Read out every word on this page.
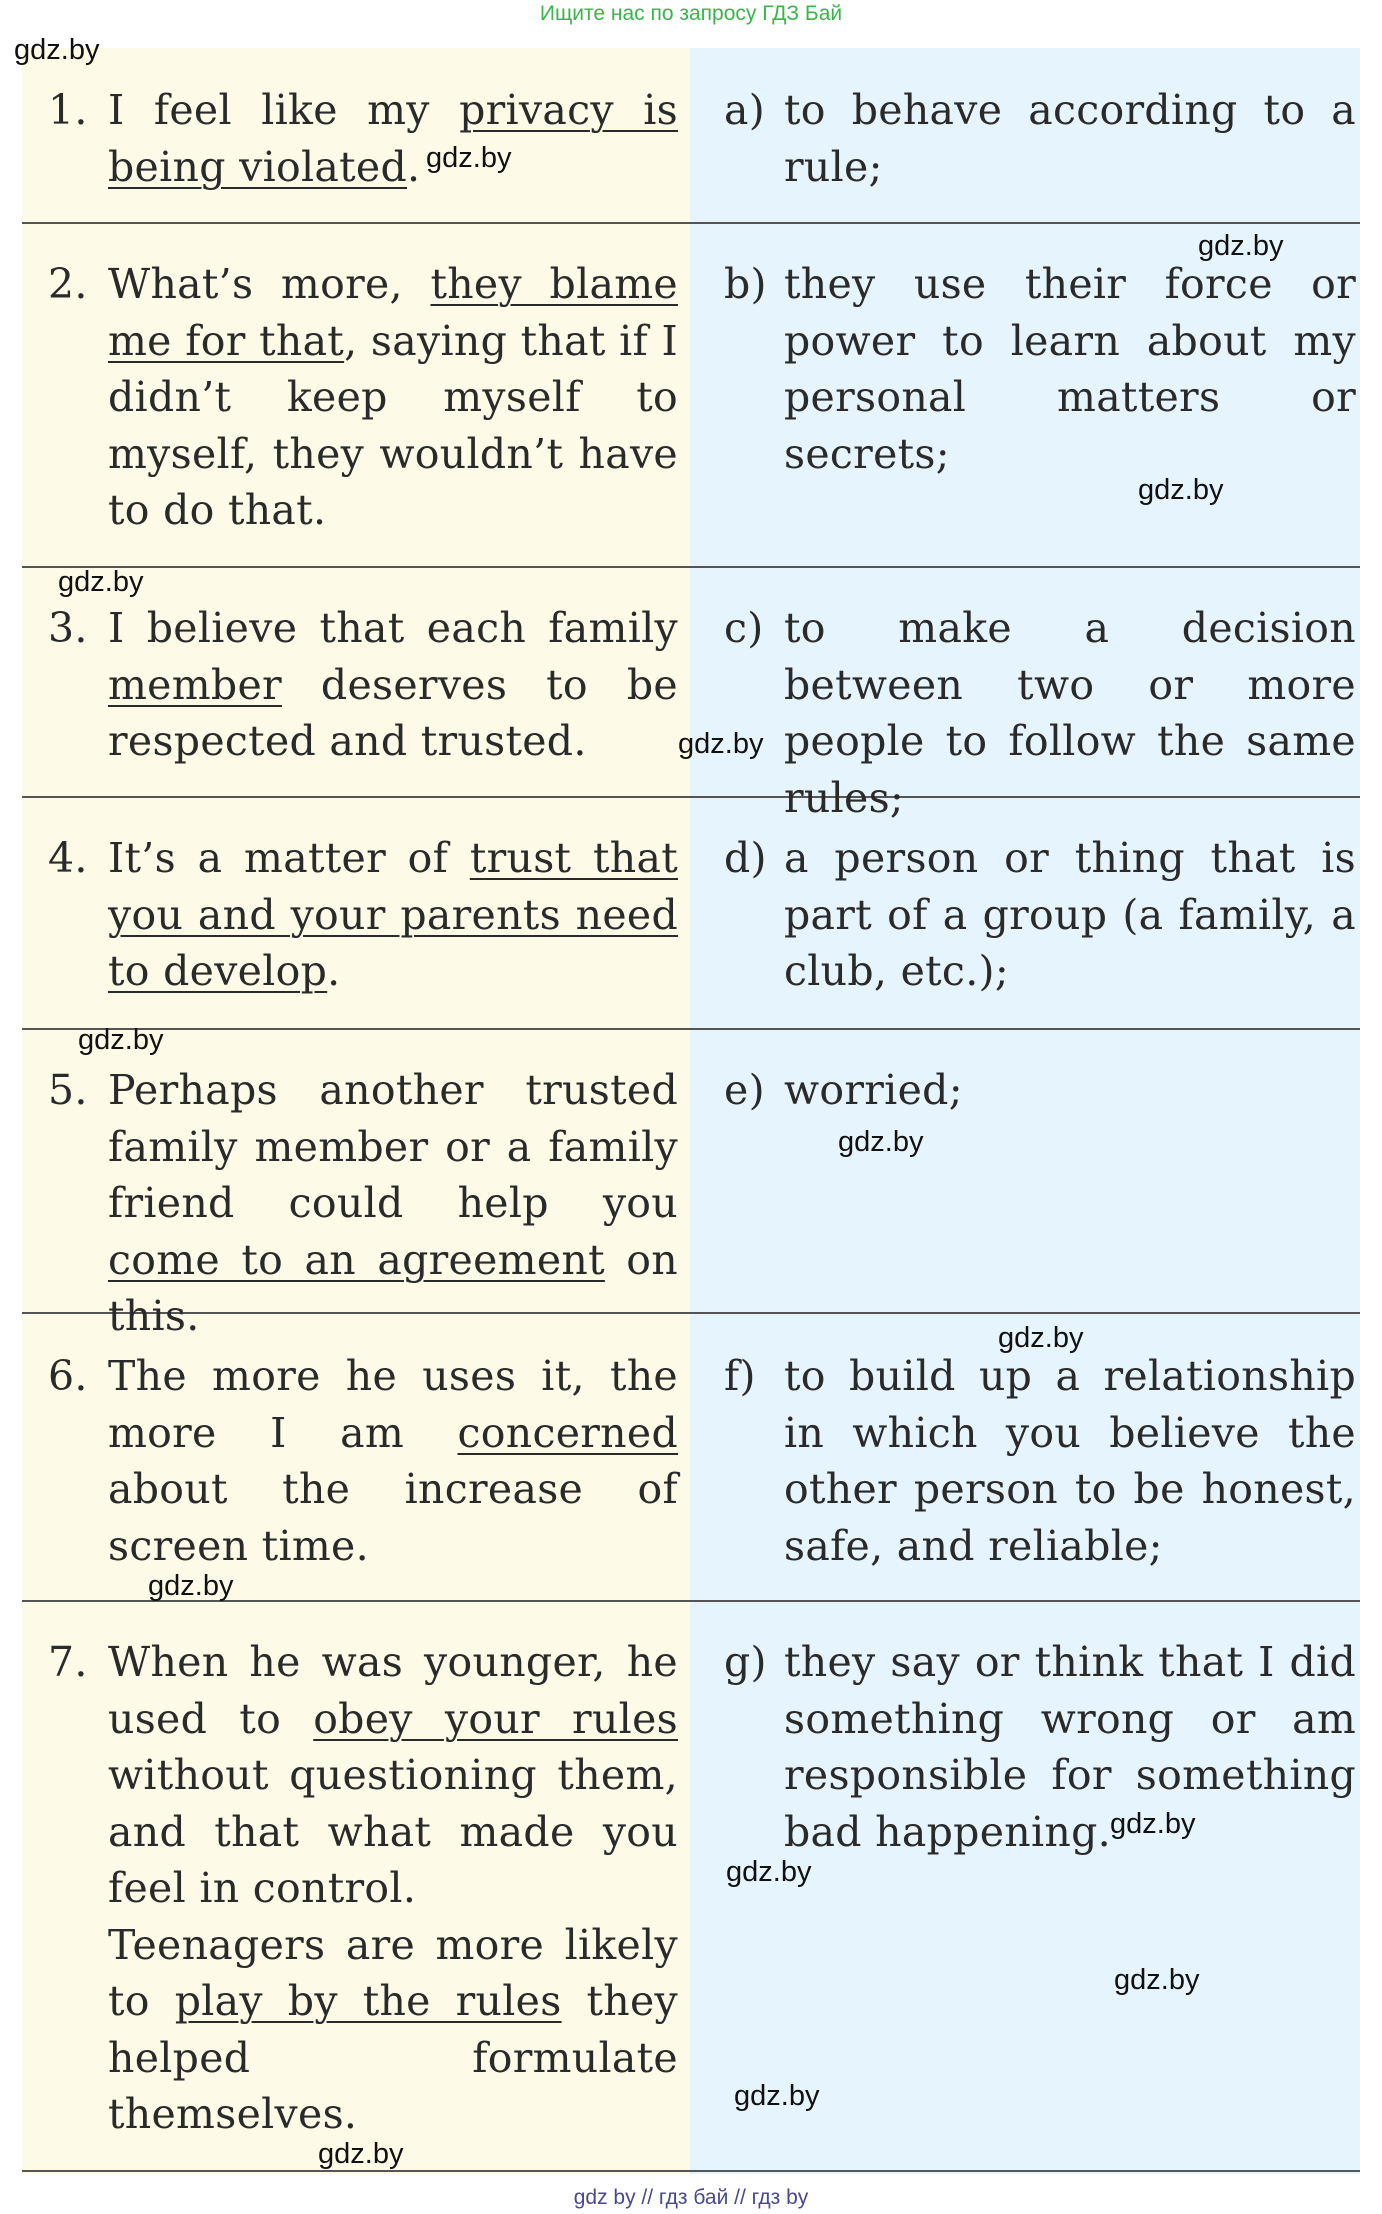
Ищите нас по запросу ГДЗ Бай
1. I feel like my privacy is being violated.
a) to behave according to a rule;
2. What’s more, they blame me for that, saying that if I didn’t keep myself to myself, they wouldn’t have to do that.
b) they use their force or power to learn about my personal matters or secrets;
3. I believe that each family member deserves to be respected and trusted.
c) to make a decision between two or more people to follow the same rules;
4. It’s a matter of trust that you and your parents need to develop.
d) a person or thing that is part of a group (a family, a club, etc.);
5. Perhaps another trusted family member or a family friend could help you come to an agreement on this.
e) worried;
6. The more he uses it, the more I am concerned about the increase of screen time.
f) to build up a relationship in which you believe the other person to be honest, safe, and reliable;
7. When he was younger, he used to obey your rules without questioning them, and that what made you feel in control.
Teenagers are more likely to play by the rules they helped formulate themselves.
g) they say or think that I did something wrong or am responsible for something bad happening.
gdz.by
gdz.by
gdz.by
gdz.by
gdz.by
gdz.by
gdz.by
gdz.by
gdz.by
gdz.by
gdz.by
gdz.by
gdz.by
gdz.by
gdz.by
gdz by // гдз бай // гдз by
